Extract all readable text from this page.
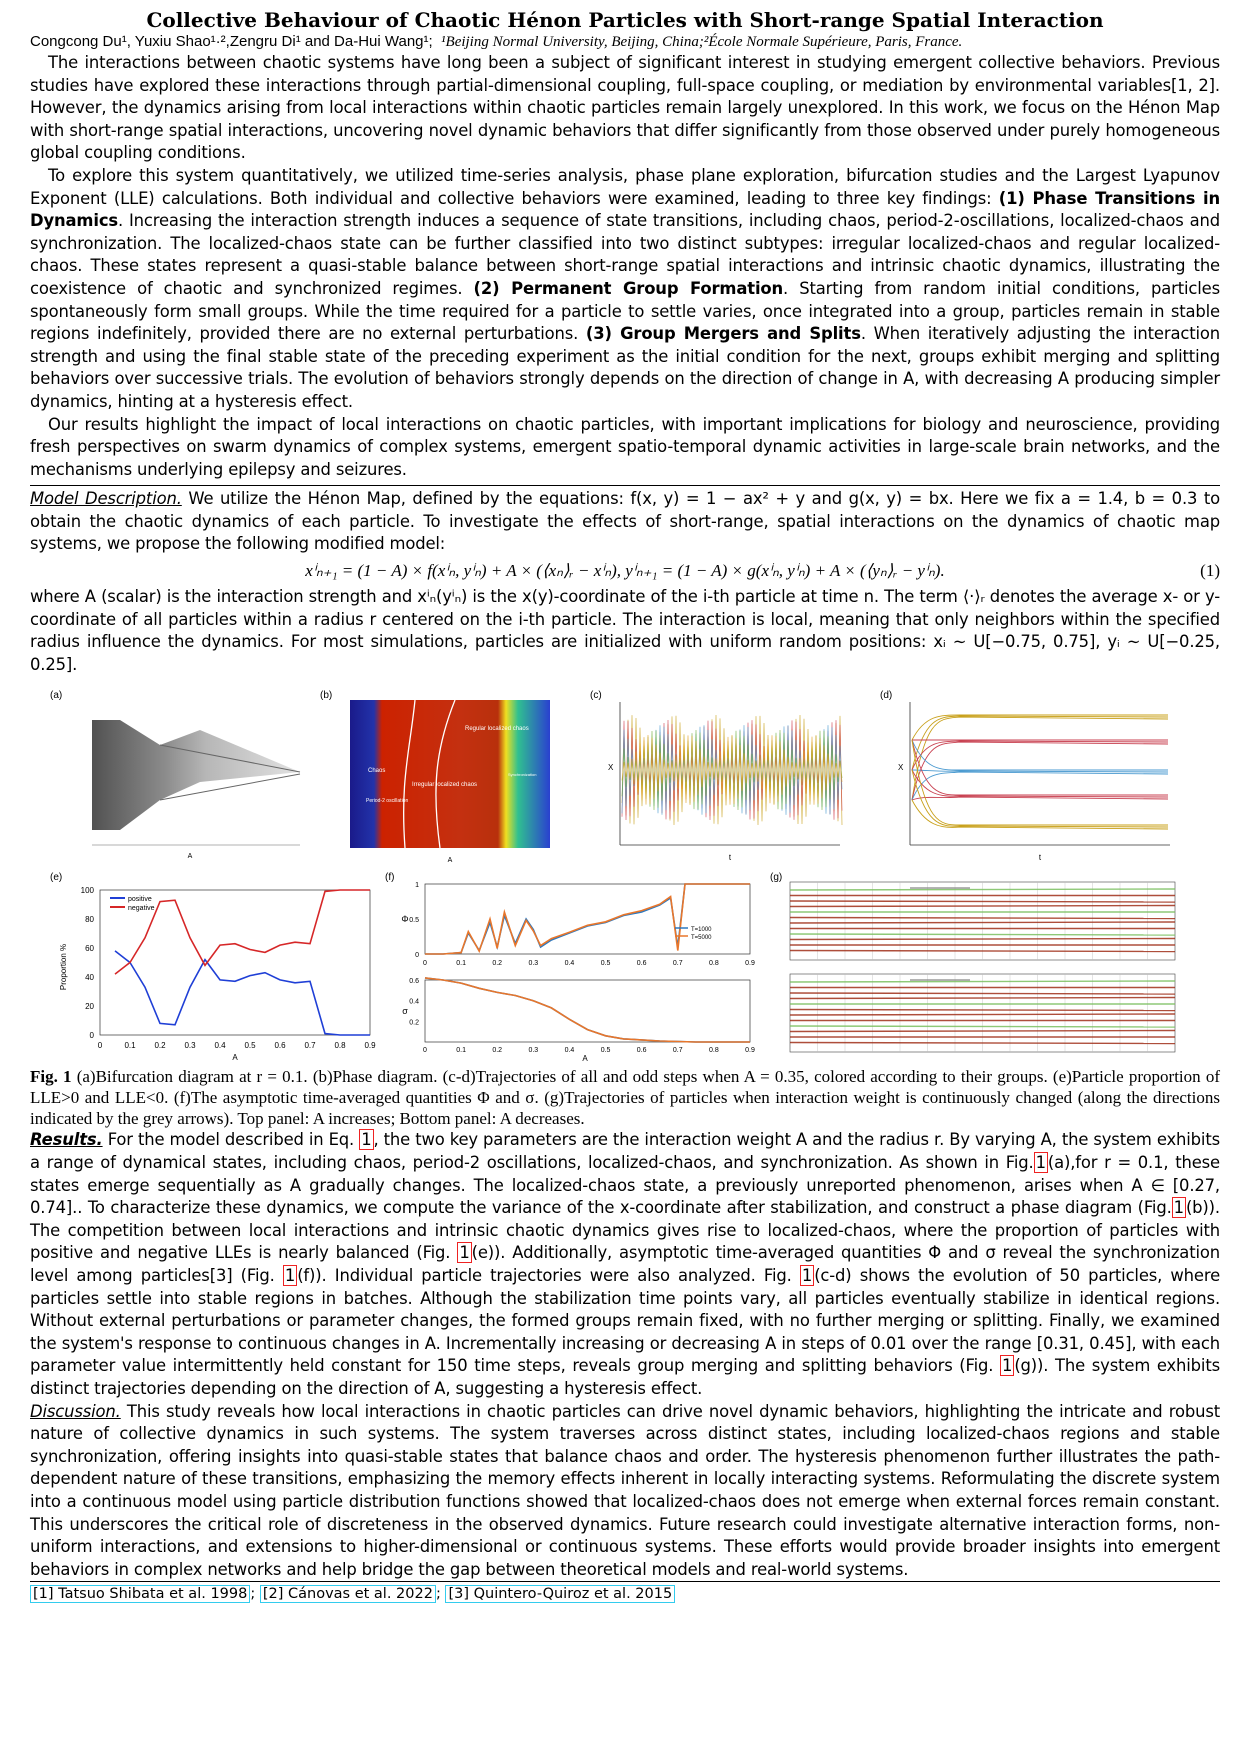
Collective Behaviour of Chaotic Hénon Particles with Short-range Spatial Interaction

Congcong Du¹, Yuxiu Shao¹·²,Zengru Di¹ and Da-Hui Wang¹; ¹Beijing Normal University, Beijing, China;²École Normale Supérieure, Paris, France.

The interactions between chaotic systems have long been a subject of significant interest in studying emergent collective behaviors. Previous studies have explored these interactions through partial-dimensional coupling, full-space coupling, or mediation by environmental variables[1, 2]. However, the dynamics arising from local interactions within chaotic particles remain largely unexplored. In this work, we focus on the Hénon Map with short-range spatial interactions, uncovering novel dynamic behaviors that differ significantly from those observed under purely homogeneous global coupling conditions.

To explore this system quantitatively, we utilized time-series analysis, phase plane exploration, bifurcation studies and the Largest Lyapunov Exponent (LLE) calculations. Both individual and collective behaviors were examined, leading to three key findings: (1) Phase Transitions in Dynamics. Increasing the interaction strength induces a sequence of state transitions, including chaos, period-2-oscillations, localized-chaos and synchronization. The localized-chaos state can be further classified into two distinct subtypes: irregular localized-chaos and regular localized-chaos. These states represent a quasi-stable balance between short-range spatial interactions and intrinsic chaotic dynamics, illustrating the coexistence of chaotic and synchronized regimes. (2) Permanent Group Formation. Starting from random initial conditions, particles spontaneously form small groups. While the time required for a particle to settle varies, once integrated into a group, particles remain in stable regions indefinitely, provided there are no external perturbations. (3) Group Mergers and Splits. When iteratively adjusting the interaction strength and using the final stable state of the preceding experiment as the initial condition for the next, groups exhibit merging and splitting behaviors over successive trials. The evolution of behaviors strongly depends on the direction of change in A, with decreasing A producing simpler dynamics, hinting at a hysteresis effect.

Our results highlight the impact of local interactions on chaotic particles, with important implications for biology and neuroscience, providing fresh perspectives on swarm dynamics of complex systems, emergent spatio-temporal dynamic activities in large-scale brain networks, and the mechanisms underlying epilepsy and seizures.

Model Description. We utilize the Hénon Map, defined by the equations: f(x, y) = 1 − ax² + y and g(x, y) = bx. Here we fix a = 1.4, b = 0.3 to obtain the chaotic dynamics of each particle. To investigate the effects of short-range, spatial interactions on the dynamics of chaotic map systems, we propose the following modified model:

xⁱₙ₊₁ = (1 − A) × f(xⁱₙ, yⁱₙ) + A × (⟨xₙ⟩ᵣ − xⁱₙ), yⁱₙ₊₁ = (1 − A) × g(xⁱₙ, yⁱₙ) + A × (⟨yₙ⟩ᵣ − yⁱₙ).	(1)

where A (scalar) is the interaction strength and xⁱₙ(yⁱₙ) is the x(y)-coordinate of the i-th particle at time n. The term ⟨·⟩ᵣ denotes the average x- or y-coordinate of all particles within a radius r centered on the i-th particle. The interaction is local, meaning that only neighbors within the specified radius influence the dynamics. For most simulations, particles are initialized with uniform random positions: xᵢ ∼ U[−0.75, 0.75], yᵢ ∼ U[−0.25, 0.25].

(a)
A
(b)
Chaos
Period-2 oscillation
Irregular localized chaos
Regular localized chaos
Synchronization
A
(c)
X
t
(d)
X
t
(e)
0
20
40
60
80
100
0	0.1 0.2 0.3 0.4 0.5 0.6 0.7 0.8 0.9
A
Proportion %
positive
negative
(f)
0
0.5
1
0	0.1	0.2	0.3	0.4	0.5	0.6	0.7	0.8	0.9
Φ
T=1000
T=5000
0.2
0.4
0.6
0	0.1	0.2	0.3	0.4	0.5	0.6	0.7	0.8	0.9
A
σ
(g)

Fig. 1 (a)Bifurcation diagram at r = 0.1. (b)Phase diagram. (c-d)Trajectories of all and odd steps when A = 0.35, colored according to their groups. (e)Particle proportion of LLE>0 and LLE<0. (f)The asymptotic time-averaged quantities Φ and σ. (g)Trajectories of particles when interaction weight is continuously changed (along the directions indicated by the grey arrows). Top panel: A increases; Bottom panel: A decreases.

Results. For the model described in Eq. 1 , the two key parameters are the interaction weight A and the radius r. By varying A, the system exhibits a range of dynamical states, including chaos, period-2 oscillations, localized-chaos, and synchronization. As shown in Fig. 1 (a),for r = 0.1, these states emerge sequentially as A gradually changes. The localized-chaos state, a previously unreported phenomenon, arises when A ∈ [0.27, 0.74].. To characterize these dynamics, we compute the variance of the x-coordinate after stabilization, and construct a phase diagram (Fig. 1 (b)). The competition between local interactions and intrinsic chaotic dynamics gives rise to localized-chaos, where the proportion of particles with positive and negative LLEs is nearly balanced (Fig. 1 (e)). Additionally, asymptotic time-averaged quantities Φ and σ reveal the synchronization level among particles[3] (Fig. 1 (f)). Individual particle trajectories were also analyzed. Fig. 1 (c-d) shows the evolution of 50 particles, where particles settle into stable regions in batches. Although the stabilization time points vary, all particles eventually stabilize in identical regions. Without external perturbations or parameter changes, the formed groups remain fixed, with no further merging or splitting. Finally, we examined the system's response to continuous changes in A. Incrementally increasing or decreasing A in steps of 0.01 over the range [0.31, 0.45], with each parameter value intermittently held constant for 150 time steps, reveals group merging and splitting behaviors (Fig. 1 (g)). The system exhibits distinct trajectories depending on the direction of A, suggesting a hysteresis effect.

Discussion. This study reveals how local interactions in chaotic particles can drive novel dynamic behaviors, highlighting the intricate and robust nature of collective dynamics in such systems. The system traverses across distinct states, including localized-chaos regions and stable synchronization, offering insights into quasi-stable states that balance chaos and order. The hysteresis phenomenon further illustrates the path-dependent nature of these transitions, emphasizing the memory effects inherent in locally interacting systems. Reformulating the discrete system into a continuous model using particle distribution functions showed that localized-chaos does not emerge when external forces remain constant. This underscores the critical role of discreteness in the observed dynamics. Future research could investigate alternative interaction forms, non-uniform interactions, and extensions to higher-dimensional or continuous systems. These efforts would provide broader insights into emergent behaviors in complex networks and help bridge the gap between theoretical models and real-world systems.

[1] Tatsuo Shibata et al. 1998 ; [2] Cánovas et al. 2022 ; [3] Quintero-Quiroz et al. 2015
